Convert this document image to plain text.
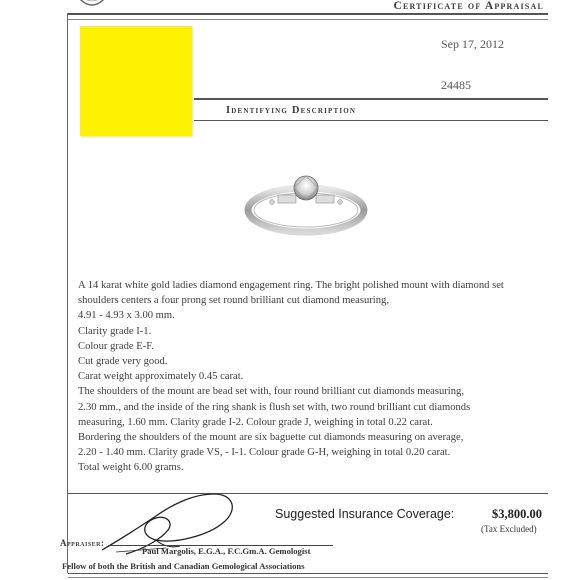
Certificate of Appraisal
Sep 17, 2012
24485
Identifying Description
A 14 karat white gold ladies diamond engagement ring. The bright polished mount with diamond set
shoulders centers a four prong set round brilliant cut diamond measuring,
4.91 - 4.93 x 3.00 mm.
Clarity grade I-1.
Colour grade E-F.
Cut grade very good.
Carat weight approximately 0.45 carat.
The shoulders of the mount are bead set with, four round brilliant cut diamonds measuring,
2.30 mm., and the inside of the ring shank is flush set with, two round brilliant cut diamonds
measuring, 1.60 mm. Clarity grade I-2. Colour grade J, weighing in total 0.22 carat.
Bordering the shoulders of the mount are six baguette cut diamonds measuring on average,
2.20 - 1.40 mm. Clarity grade VS, - I-1. Colour grade G-H, weighing in total 0.20 carat.
Total weight 6.00 grams.
Suggested Insurance Coverage:	$3,800.00
(Tax Excluded)
Appraiser:
Paul Margolis, E.G.A., F.C.Gm.A. Gemologist
Fellow of both the British and Canadian Gemological Associations
